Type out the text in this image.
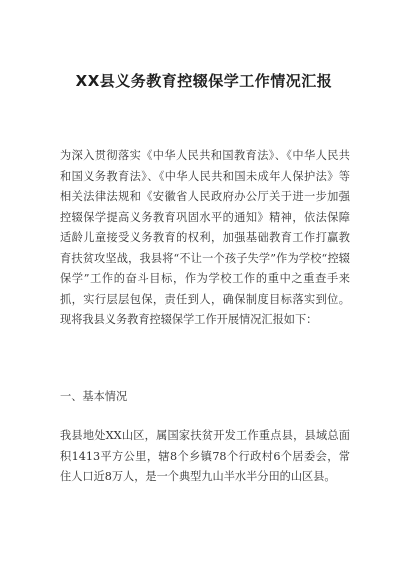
XX县义务教育控辍保学工作情况汇报
为深入贯彻落实《中华人民共和国教育法》、《中华人民共和国义务教育法》、《中华人民共和国未成年人保护法》等相关法律法规和《安徽省人民政府办公厅关于进一步加强控辍保学提高义务教育巩固水平的通知》精神，依法保障适龄儿童接受义务教育的权利，加强基础教育工作打赢教育扶贫攻坚战，我县将“不让一个孩子失学”作为学校“控辍保学”工作的奋斗目标，作为学校工作的重中之重查手来抓，实行层层包保，责任到人，确保制度目标落实到位。现将我县义务教育控辍保学工作开展情况汇报如下：
一、基本情况
我县地处XX山区，属国家扶贫开发工作重点县，县域总面积1413平方公里，辖8个乡镇78个行政村6个居委会，常住人口近8万人，是一个典型九山半水半分田的山区县。
